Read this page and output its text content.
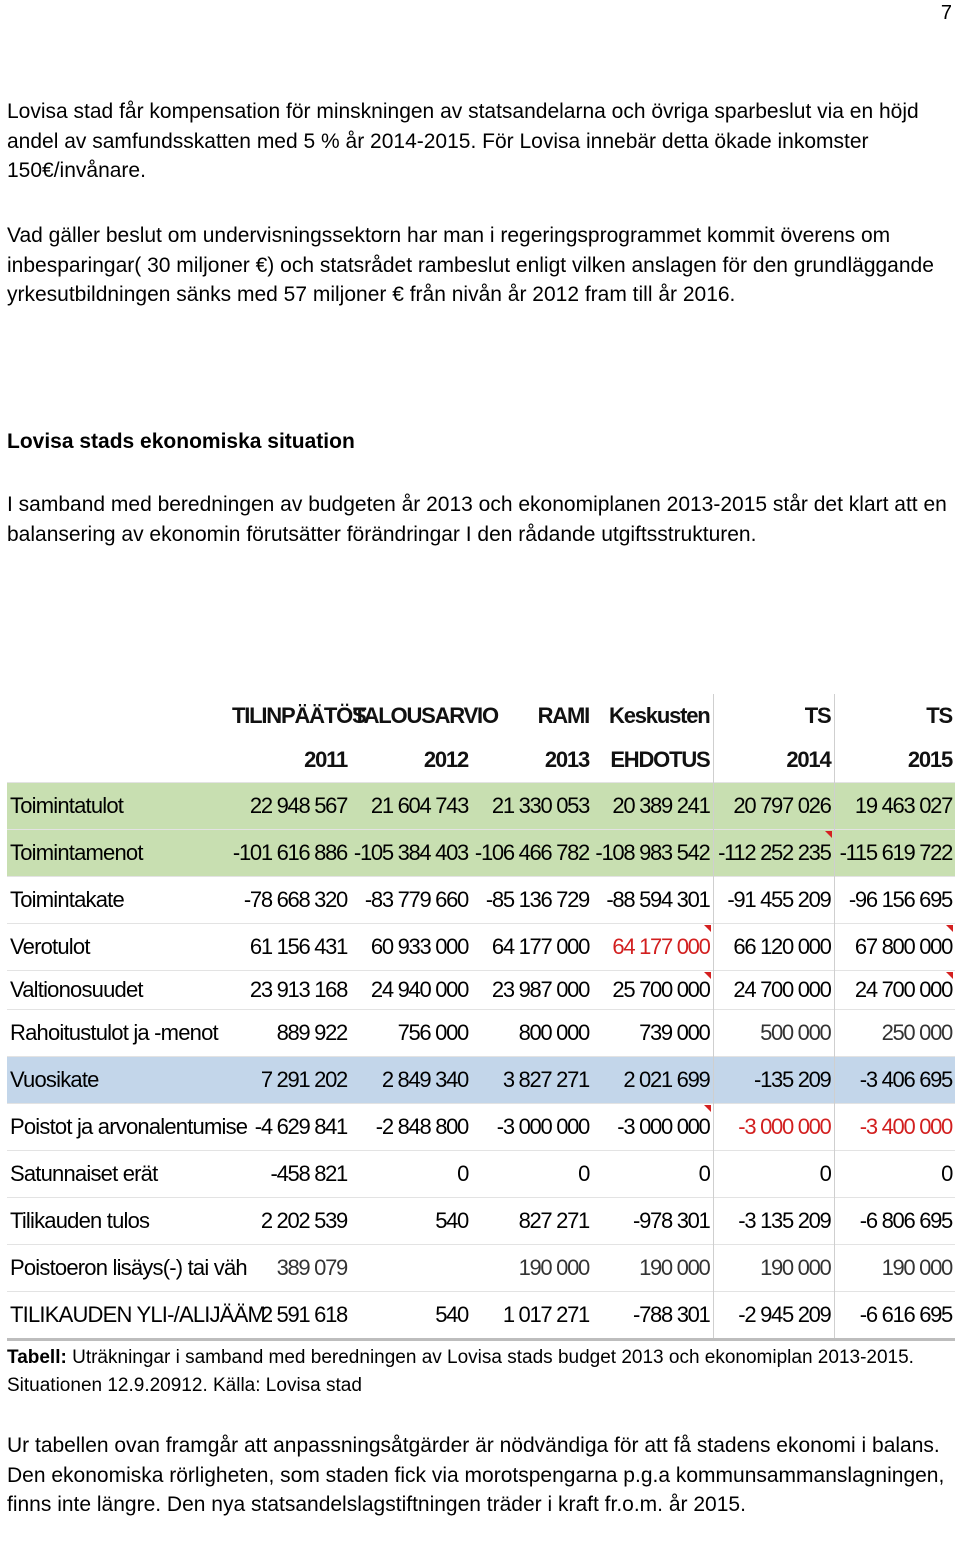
7

Lovisa stad får kompensation för minskningen av statsandelarna och övriga sparbeslut via en höjd andel av samfundsskatten med 5 % år 2014-2015. För Lovisa innebär detta ökade inkomster 150€/invånare.

Vad gäller beslut om undervisningssektorn har man i regeringsprogrammet kommit överens om inbesparingar( 30 miljoner €) och statsrådet rambeslut enligt vilken anslagen för den grundläggande yrkesutbildningen sänks med 57 miljoner € från nivån år 2012 fram till år 2016.

Lovisa stads ekonomiska situation

I samband med beredningen av budgeten år 2013 och ekonomiplanen 2013-2015 står det klart att en balansering av ekonomin förutsätter förändringar I den rådande utgiftsstrukturen.

	TILINPÄÄTÖS	TALOUSARVIO	RAMI	Keskusten	TS	TS
	2011	2012	2013	EHDOTUS	2014	2015
Toimintatulot	22 948 567	21 604 743	21 330 053	20 389 241	20 797 026	19 463 027
Toimintamenot	-101 616 886	-105 384 403	-106 466 782	-108 983 542	-112 252 235	-115 619 722
Toimintakate	-78 668 320	-83 779 660	-85 136 729	-88 594 301	-91 455 209	-96 156 695
Verotulot	61 156 431	60 933 000	64 177 000	64 177 000	66 120 000	67 800 000
Valtionosuudet	23 913 168	24 940 000	23 987 000	25 700 000	24 700 000	24 700 000
Rahoitustulot ja -menot	889 922	756 000	800 000	739 000	500 000	250 000
Vuosikate	7 291 202	2 849 340	3 827 271	2 021 699	-135 209	-3 406 695
Poistot ja arvonalentumise	-4 629 841	-2 848 800	-3 000 000	-3 000 000	-3 000 000	-3 400 000
Satunnaiset erät	-458 821	0	0	0	0	0
Tilikauden tulos	2 202 539	540	827 271	-978 301	-3 135 209	-6 806 695
Poistoeron lisäys(-) tai väh	389 079		190 000	190 000	190 000	190 000
TILIKAUDEN YLI-/ALIJÄÄM	2 591 618	540	1 017 271	-788 301	-2 945 209	-6 616 695

Tabell: Uträkningar i samband med beredningen av Lovisa stads budget 2013 och ekonomiplan 2013-2015. Situationen 12.9.20912. Källa: Lovisa stad

Ur tabellen ovan framgår att anpassningsåtgärder är nödvändiga för att få stadens ekonomi i balans. Den ekonomiska rörligheten, som staden fick via morotspengarna p.g.a kommunsammanslagningen, finns inte längre. Den nya statsandelslagstiftningen träder i kraft fr.o.m. år 2015.
